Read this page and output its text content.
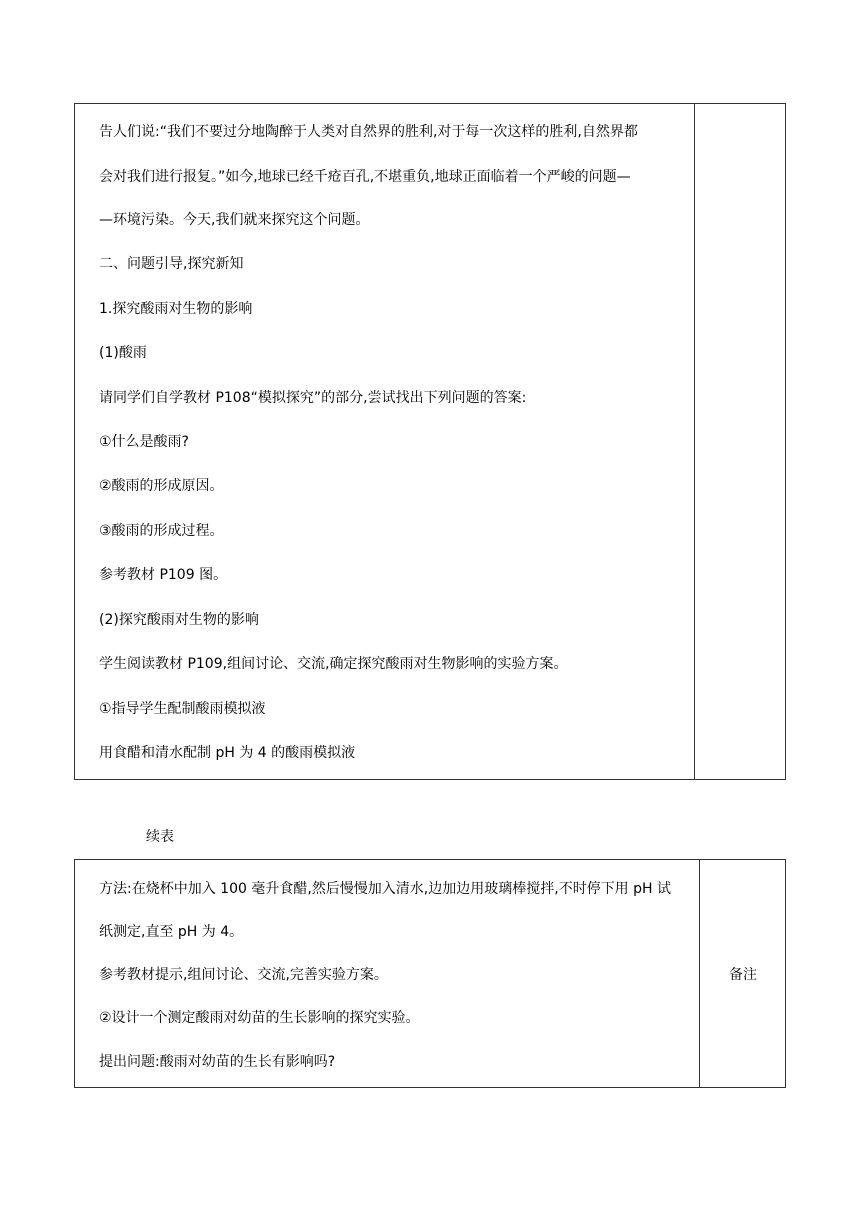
告人们说:“我们不要过分地陶醉于人类对自然界的胜利,对于每一次这样的胜利,自然界都
会对我们进行报复。”如今,地球已经千疮百孔,不堪重负,地球正面临着一个严峻的问题—
—环境污染。今天,我们就来探究这个问题。
二、问题引导,探究新知
1.探究酸雨对生物的影响
(1)酸雨
请同学们自学教材 P108“模拟探究”的部分,尝试找出下列问题的答案:
①什么是酸雨?
②酸雨的形成原因。
③酸雨的形成过程。
参考教材 P109 图。
(2)探究酸雨对生物的影响
学生阅读教材 P109,组间讨论、交流,确定探究酸雨对生物影响的实验方案。
①指导学生配制酸雨模拟液
用食醋和清水配制 pH 为 4 的酸雨模拟液
续表
方法:在烧杯中加入 100 毫升食醋,然后慢慢加入清水,边加边用玻璃棒搅拌,不时停下用 pH 试
纸测定,直至 pH 为 4。
参考教材提示,组间讨论、交流,完善实验方案。
②设计一个测定酸雨对幼苗的生长影响的探究实验。
提出问题:酸雨对幼苗的生长有影响吗?
备注
